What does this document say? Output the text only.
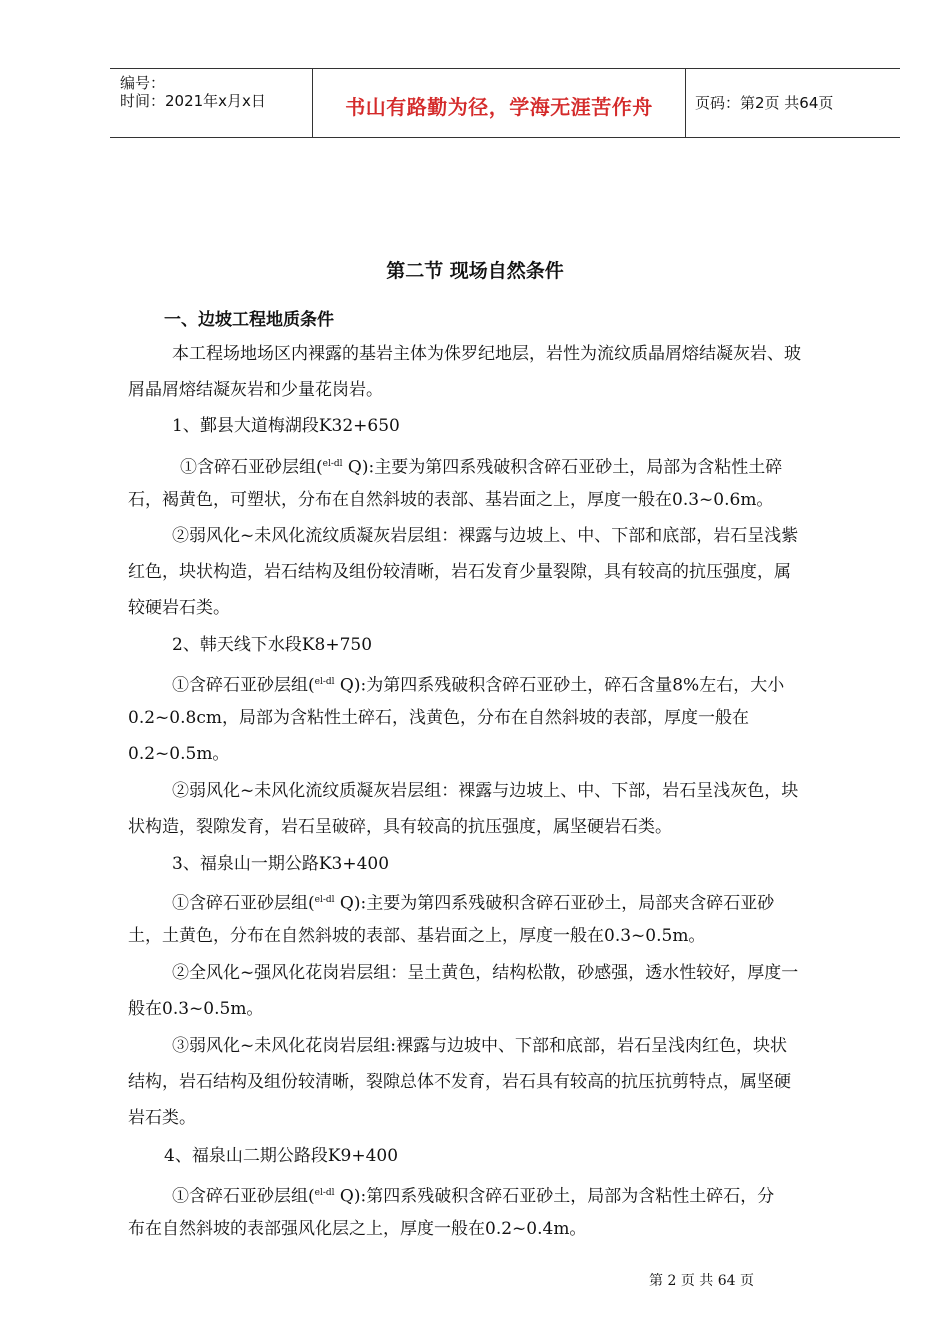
编号：
时间：2021年x月x日	书山有路勤为径，学海无涯苦作舟	页码：第2页 共64页
第二节 现场自然条件
一、边坡工程地质条件
本工程场地场区内裸露的基岩主体为侏罗纪地层，岩性为流纹质晶屑熔结凝灰岩、玻
屑晶屑熔结凝灰岩和少量花岗岩。
1、鄞县大道梅湖段K32+650
①含碎石亚砂层组($^{el-dl}$ Q):主要为第四系残破积含碎石亚砂土，局部为含粘性土碎
石，褐黄色，可塑状，分布在自然斜坡的表部、基岩面之上，厚度一般在0.3~0.6m。
②弱风化~未风化流纹质凝灰岩层组：裸露与边坡上、中、下部和底部，岩石呈浅紫
红色，块状构造，岩石结构及组份较清晰，岩石发育少量裂隙，具有较高的抗压强度，属
较硬岩石类。
2、韩天线下水段K8+750
①含碎石亚砂层组($^{el-dl}$ Q):为第四系残破积含碎石亚砂土，碎石含量8%左右，大小
0.2~0.8cm，局部为含粘性土碎石，浅黄色，分布在自然斜坡的表部，厚度一般在
0.2~0.5m。
②弱风化~未风化流纹质凝灰岩层组：裸露与边坡上、中、下部，岩石呈浅灰色，块
状构造，裂隙发育，岩石呈破碎，具有较高的抗压强度，属坚硬岩石类。
3、福泉山一期公路K3+400
①含碎石亚砂层组($^{el-dl}$ Q):主要为第四系残破积含碎石亚砂土，局部夹含碎石亚砂
土，土黄色，分布在自然斜坡的表部、基岩面之上，厚度一般在0.3~0.5m。
②全风化~强风化花岗岩层组：呈土黄色，结构松散，砂感强，透水性较好，厚度一
般在0.3~0.5m。
③弱风化~未风化花岗岩层组:裸露与边坡中、下部和底部，岩石呈浅肉红色，块状
结构，岩石结构及组份较清晰，裂隙总体不发育，岩石具有较高的抗压抗剪特点，属坚硬
岩石类。
4、福泉山二期公路段K9+400
①含碎石亚砂层组($^{el-dl}$ Q):第四系残破积含碎石亚砂土，局部为含粘性土碎石，分
布在自然斜坡的表部强风化层之上，厚度一般在0.2~0.4m。
第 2 页 共 64 页
